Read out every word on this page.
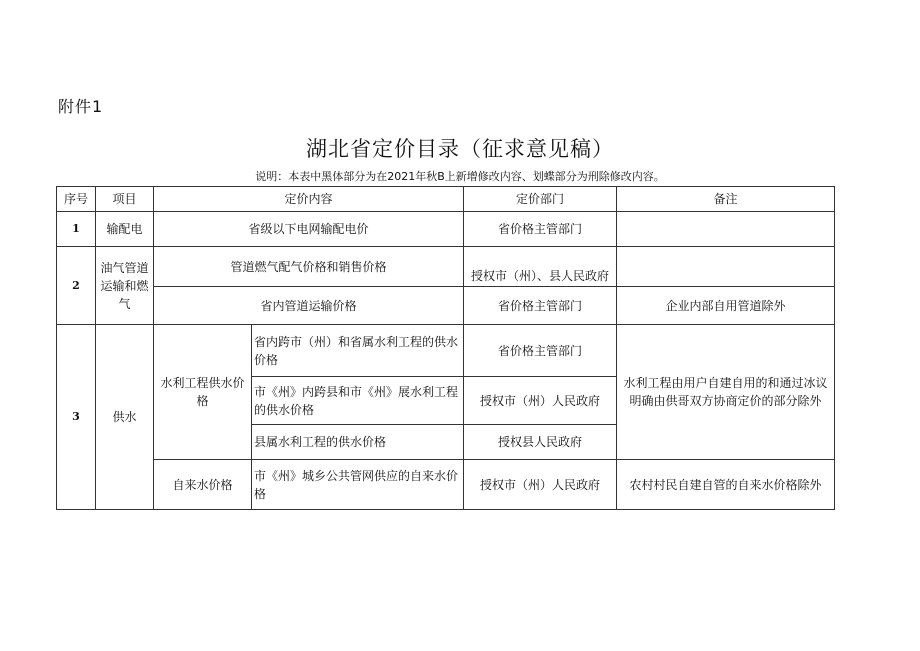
附件1
湖北省定价目录（征求意见稿）
说明：本表中黑体部分为在2021年秋B上新增修改内容、划蝶部分为刑除修改内容。
序号	项目	定价内容		定价部门	备注
1	输配电	省级以下电网输配电价		省价格主管部门	
2	油气管道运输和燃气	管道燃气配气价格和销售价格		授权市（州）、县人民政府	
		省内管道运输价格		省价格主管部门	企业内部自用管道除外
3	供水	水利工程供水价格	省内跨市（州）和省属水利工程的供水价格	省价格主管部门	水利工程由用户自建自用的和通过冰议明确由供哥双方协商定价的部分除外
			市《州》内跨县和市《州》展水利工程的供水价格	授权市（州）人民政府	
			县属水利工程的供水价格	授权县人民政府	
		自来水价格	市《州》城乡公共管网供应的自来水价格	授权市（州）人民政府	农村村民自建自管的自来水价格除外
